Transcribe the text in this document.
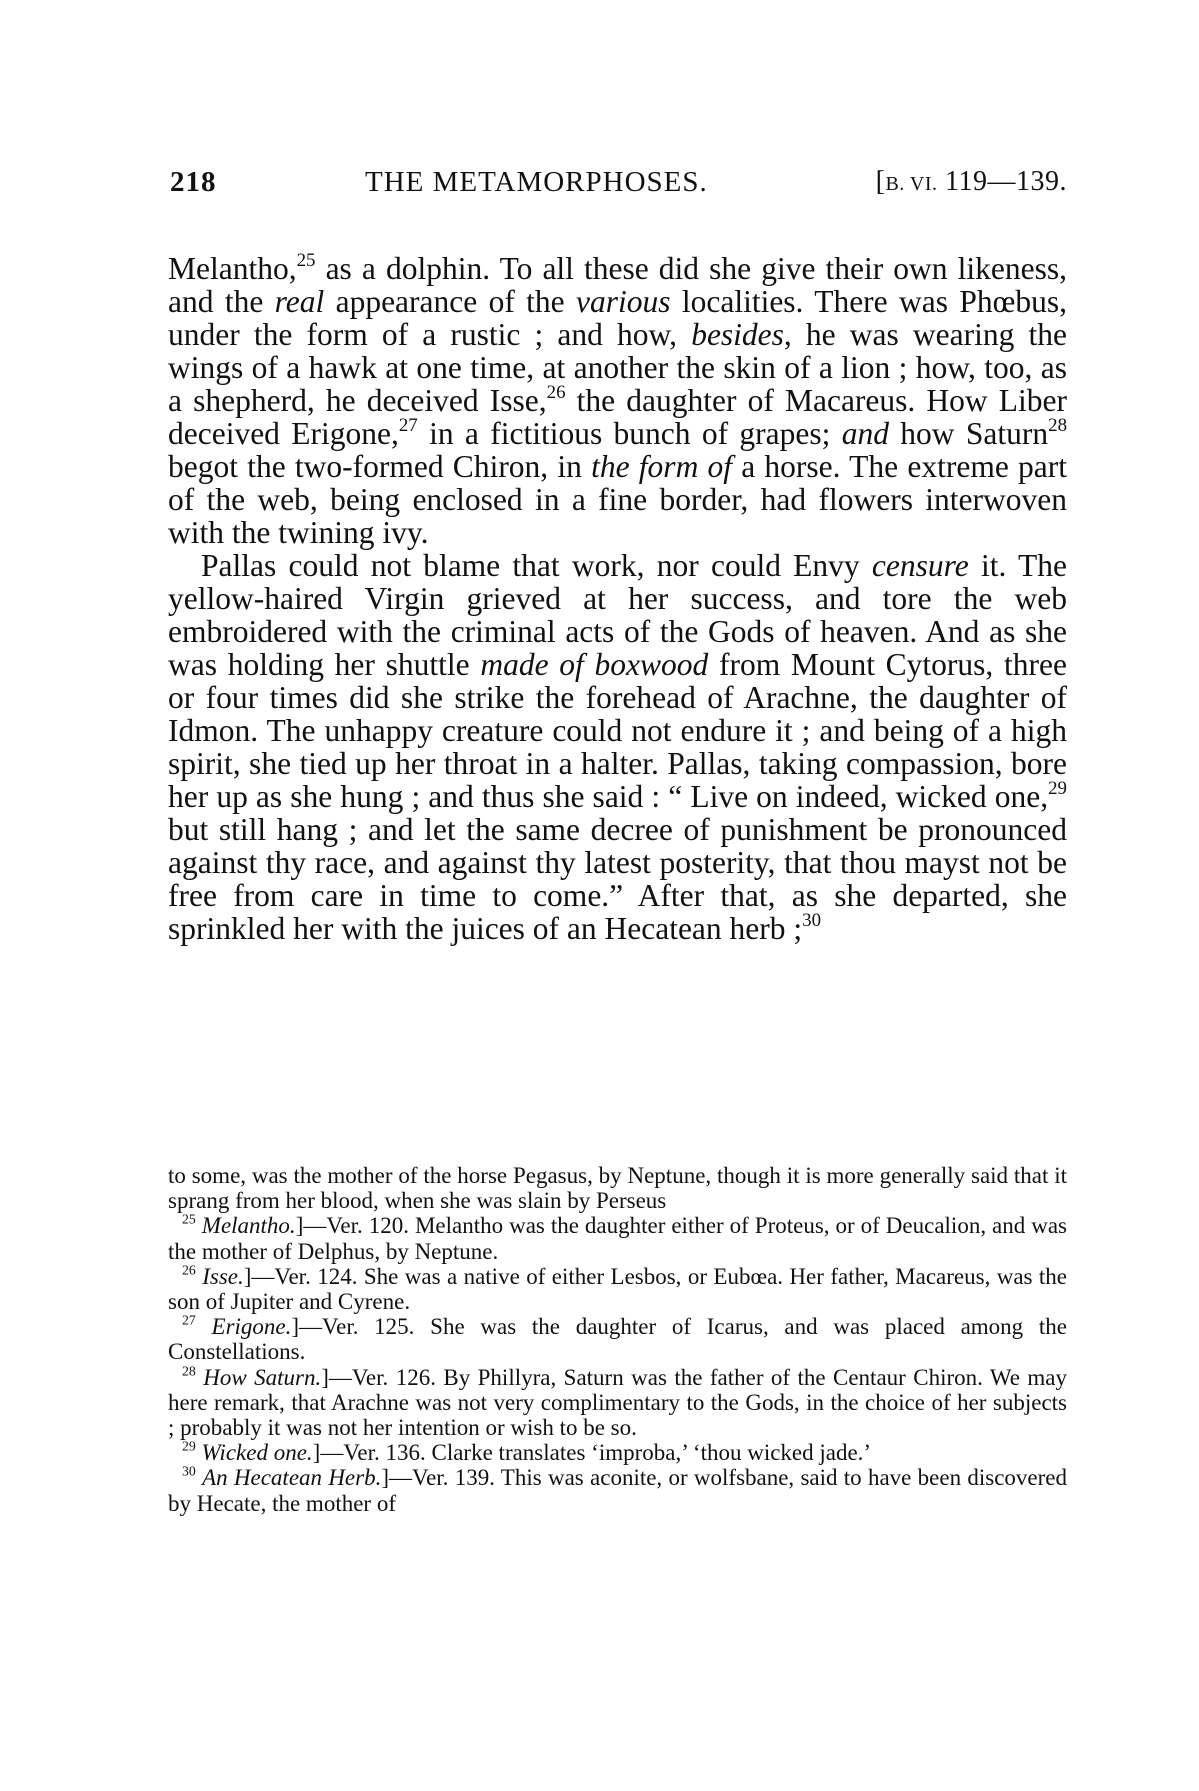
218	THE METAMORPHOSES.	[B. VI. 119—139.

Melantho,$^{25}$ as a dolphin. To all these did she give their own likeness, and the real appearance of the various localities. There was Phœbus, under the form of a rustic ; and how, besides, he was wearing the wings of a hawk at one time, at another the skin of a lion ; how, too, as a shepherd, he deceived Isse,$^{26}$ the daughter of Macareus. How Liber deceived Erigone,$^{27}$ in a fictitious bunch of grapes; and how Saturn$^{28}$ begot the two-formed Chiron, in the form of a horse. The extreme part of the web, being enclosed in a fine border, had flowers interwoven with the twining ivy.

Pallas could not blame that work, nor could Envy censure it. The yellow-haired Virgin grieved at her success, and tore the web embroidered with the criminal acts of the Gods of heaven. And as she was holding her shuttle made of boxwood from Mount Cytorus, three or four times did she strike the forehead of Arachne, the daughter of Idmon. The unhappy creature could not endure it ; and being of a high spirit, she tied up her throat in a halter. Pallas, taking compassion, bore her up as she hung ; and thus she said : “ Live on indeed, wicked one,$^{29}$ but still hang ; and let the same decree of punishment be pronounced against thy race, and against thy latest posterity, that thou mayst not be free from care in time to come.” After that, as she departed, she sprinkled her with the juices of an Hecatean herb ;$^{30}$

to some, was the mother of the horse Pegasus, by Neptune, though it is more generally said that it sprang from her blood, when she was slain by Perseus

$^{25}$ Melantho.]—Ver. 120. Melantho was the daughter either of Proteus, or of Deucalion, and was the mother of Delphus, by Neptune.

$^{26}$ Isse.]—Ver. 124. She was a native of either Lesbos, or Eubœa. Her father, Macareus, was the son of Jupiter and Cyrene.

$^{27}$ Erigone.]—Ver. 125. She was the daughter of Icarus, and was placed among the Constellations.

$^{28}$ How Saturn.]—Ver. 126. By Phillyra, Saturn was the father of the Centaur Chiron. We may here remark, that Arachne was not very complimentary to the Gods, in the choice of her subjects ; probably it was not her intention or wish to be so.

$^{29}$ Wicked one.]—Ver. 136. Clarke translates ‘improba,’ ‘thou wicked jade.’

$^{30}$ An Hecatean Herb.]—Ver. 139. This was aconite, or wolfsbane, said to have been discovered by Hecate, the mother of
